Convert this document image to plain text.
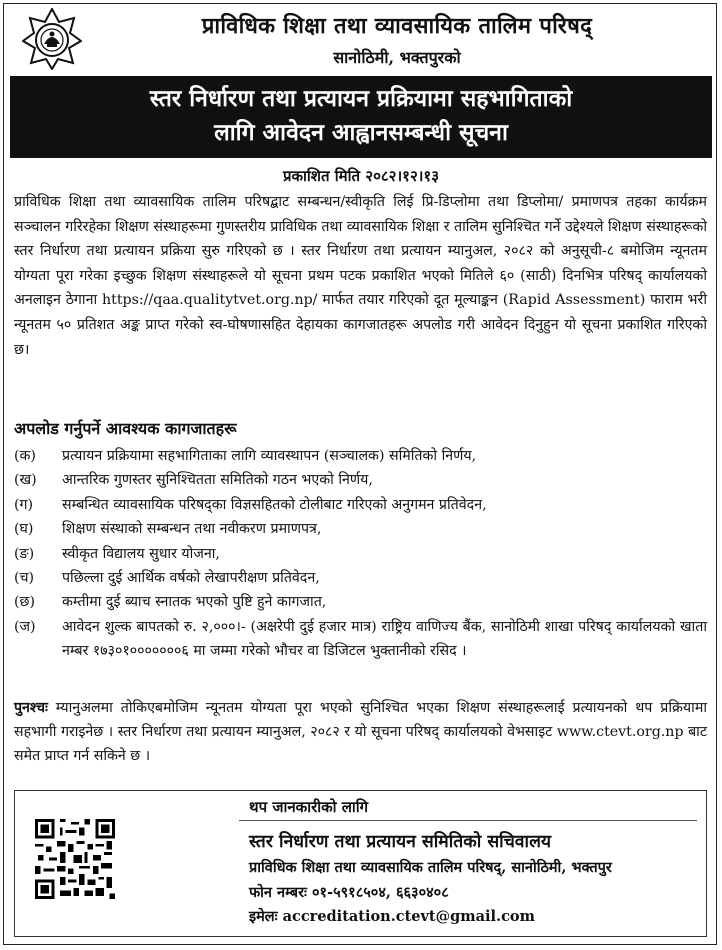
प्राविधिक शिक्षा तथा व्यावसायिक तालिम परिषद्
सानोठिमी, भक्तपुरको
स्तर निर्धारण तथा प्रत्यायन प्रक्रियामा सहभागिताको
लागि आवेदन आह्वानसम्बन्धी सूचना
प्रकाशित मिति २०८२।१२।१३

प्राविधिक शिक्षा तथा व्यावसायिक तालिम परिषद्बाट सम्बन्धन/स्वीकृति लिई प्रि-डिप्लोमा तथा डिप्लोमा/ प्रमाणपत्र तहका कार्यक्रम सञ्चालन गरिरहेका शिक्षण संस्थाहरूमा गुणस्तरीय प्राविधिक तथा व्यावसायिक शिक्षा र तालिम सुनिश्चित गर्ने उद्देश्यले शिक्षण संस्थाहरूको स्तर निर्धारण तथा प्रत्यायन प्रक्रिया सुरु गरिएको छ । स्तर निर्धारण तथा प्रत्यायन म्यानुअल, २०८२ को अनुसूची-८ बमोजिम न्यूनतम योग्यता पूरा गरेका इच्छुक शिक्षण संस्थाहरूले यो सूचना प्रथम पटक प्रकाशित भएको मितिले ६० (साठी) दिनभित्र परिषद् कार्यालयको अनलाइन ठेगाना https://qaa.qualitytvet.org.np/ मार्फत तयार गरिएको दूत मूल्याङ्कन (Rapid Assessment) फाराम भरी न्यूनतम ५० प्रतिशत अङ्क प्राप्त गरेको स्व-घोषणासहित देहायका कागजातहरू अपलोड गरी आवेदन दिनुहुन यो सूचना प्रकाशित गरिएको छ।

अपलोड गर्नुपर्ने आवश्यक कागजातहरू
(क)	प्रत्यायन प्रक्रियामा सहभागिताका लागि व्यावस्थापन (सञ्चालक) समितिको निर्णय,
(ख)	आन्तरिक गुणस्तर सुनिश्चितता समितिको गठन भएको निर्णय,
(ग)	सम्बन्धित व्यावसायिक परिषद्का विज्ञसहितको टोलीबाट गरिएको अनुगमन प्रतिवेदन,
(घ)	शिक्षण संस्थाको सम्बन्धन तथा नवीकरण प्रमाणपत्र,
(ङ)	स्वीकृत विद्यालय सुधार योजना,
(च)	पछिल्ला दुई आर्थिक वर्षको लेखापरीक्षण प्रतिवेदन,
(छ)	कम्तीमा दुई ब्याच स्नातक भएको पुष्टि हुने कागजात,
(ज)	आवेदन शुल्क बापतको रु. २,०००।- (अक्षरेपी दुई हजार मात्र) राष्ट्रिय वाणिज्य बैंक, सानोठिमी शाखा परिषद् कार्यालयको खाता नम्बर १७३०१०००००००६ मा जम्मा गरेको भौचर वा डिजिटल भुक्तानीको रसिद ।

पुनश्चः म्यानुअलमा तोकिएबमोजिम न्यूनतम योग्यता पूरा भएको सुनिश्चित भएका शिक्षण संस्थाहरूलाई प्रत्यायनको थप प्रक्रियामा सहभागी गराइनेछ । स्तर निर्धारण तथा प्रत्यायन म्यानुअल, २०८२ र यो सूचना परिषद् कार्यालयको वेभसाइट www.ctevt.org.np बाट समेत प्राप्त गर्न सकिने छ ।

थप जानकारीको लागि
स्तर निर्धारण तथा प्रत्यायन समितिको सचिवालय
प्राविधिक शिक्षा तथा व्यावसायिक तालिम परिषद्, सानोठिमी, भक्तपुर
फोन नम्बरः ०१-५९१८५०४, ६६३०४०८
इमेलः accreditation.ctevt@gmail.com
